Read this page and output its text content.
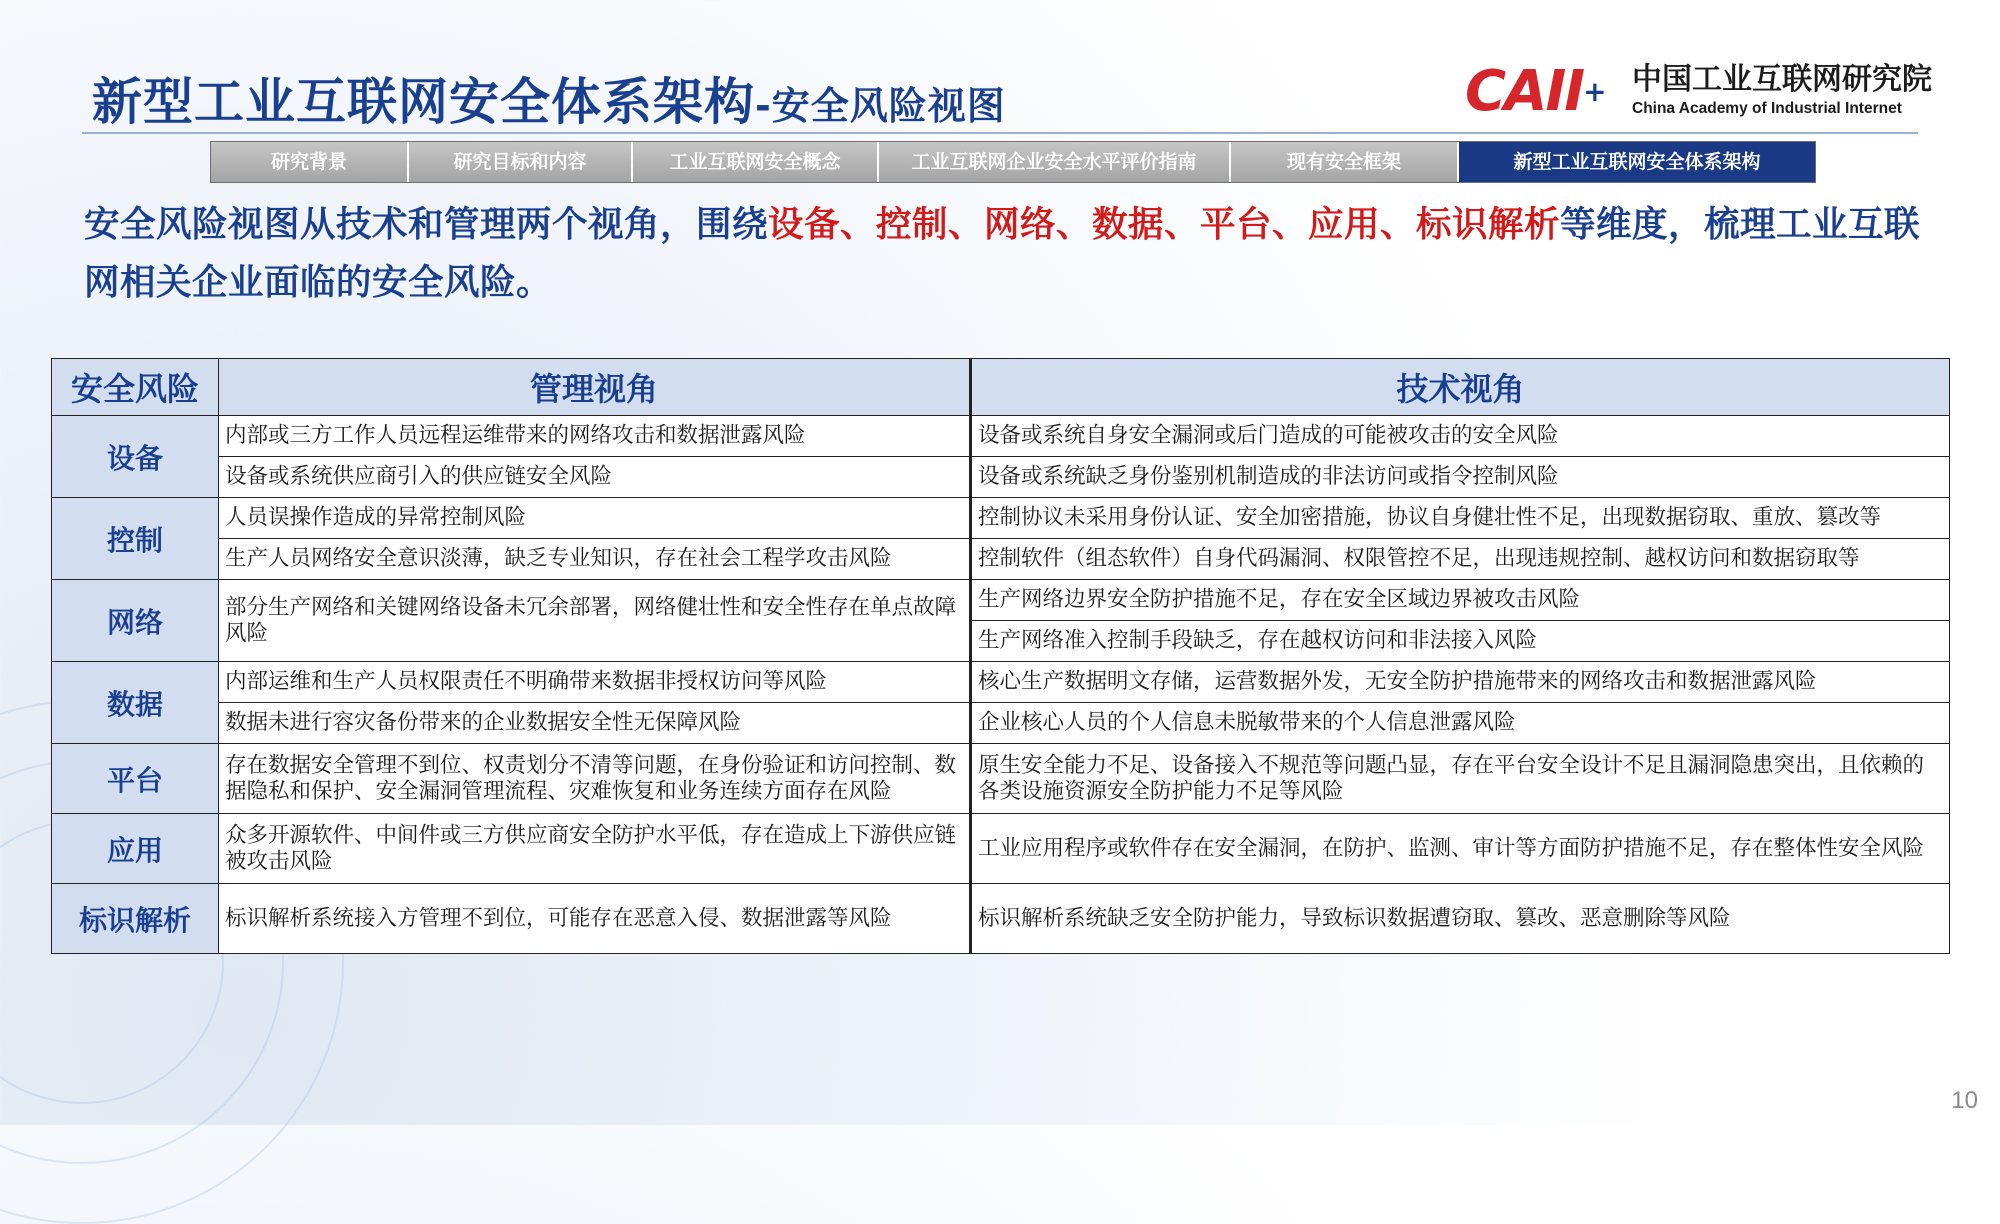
新型工业互联网安全体系架构-安全风险视图	CAII+ 中国工业互联网研究院
China Academy of Industrial Internet
研究背景	研究目标和内容	工业互联网安全概念	工业互联网企业安全水平评价指南	现有安全框架	新型工业互联网安全体系架构
安全风险视图从技术和管理两个视角，围绕设备、控制、网络、数据、平台、应用、标识解析等维度，梳理工业互联网相关企业面临的安全风险。
安全风险	管理视角	技术视角
设备	内部或三方工作人员远程运维带来的网络攻击和数据泄露风险	设备或系统自身安全漏洞或后门造成的可能被攻击的安全风险
	设备或系统供应商引入的供应链安全风险	设备或系统缺乏身份鉴别机制造成的非法访问或指令控制风险
控制	人员误操作造成的异常控制风险	控制协议未采用身份认证、安全加密措施，协议自身健壮性不足，出现数据窃取、重放、篡改等
	生产人员网络安全意识淡薄，缺乏专业知识，存在社会工程学攻击风险	控制软件（组态软件）自身代码漏洞、权限管控不足，出现违规控制、越权访问和数据窃取等
网络	部分生产网络和关键网络设备未冗余部署，网络健壮性和安全性存在单点故障风险	生产网络边界安全防护措施不足，存在安全区域边界被攻击风险
		生产网络准入控制手段缺乏，存在越权访问和非法接入风险
数据	内部运维和生产人员权限责任不明确带来数据非授权访问等风险	核心生产数据明文存储，运营数据外发，无安全防护措施带来的网络攻击和数据泄露风险
	数据未进行容灾备份带来的企业数据安全性无保障风险	企业核心人员的个人信息未脱敏带来的个人信息泄露风险
平台	存在数据安全管理不到位、权责划分不清等问题，在身份验证和访问控制、数据隐私和保护、安全漏洞管理流程、灾难恢复和业务连续方面存在风险	原生安全能力不足、设备接入不规范等问题凸显，存在平台安全设计不足且漏洞隐患突出，且依赖的各类设施资源安全防护能力不足等风险
应用	众多开源软件、中间件或三方供应商安全防护水平低，存在造成上下游供应链被攻击风险	工业应用程序或软件存在安全漏洞，在防护、监测、审计等方面防护措施不足，存在整体性安全风险
标识解析	标识解析系统接入方管理不到位，可能存在恶意入侵、数据泄露等风险	标识解析系统缺乏安全防护能力，导致标识数据遭窃取、篡改、恶意删除等风险
10
